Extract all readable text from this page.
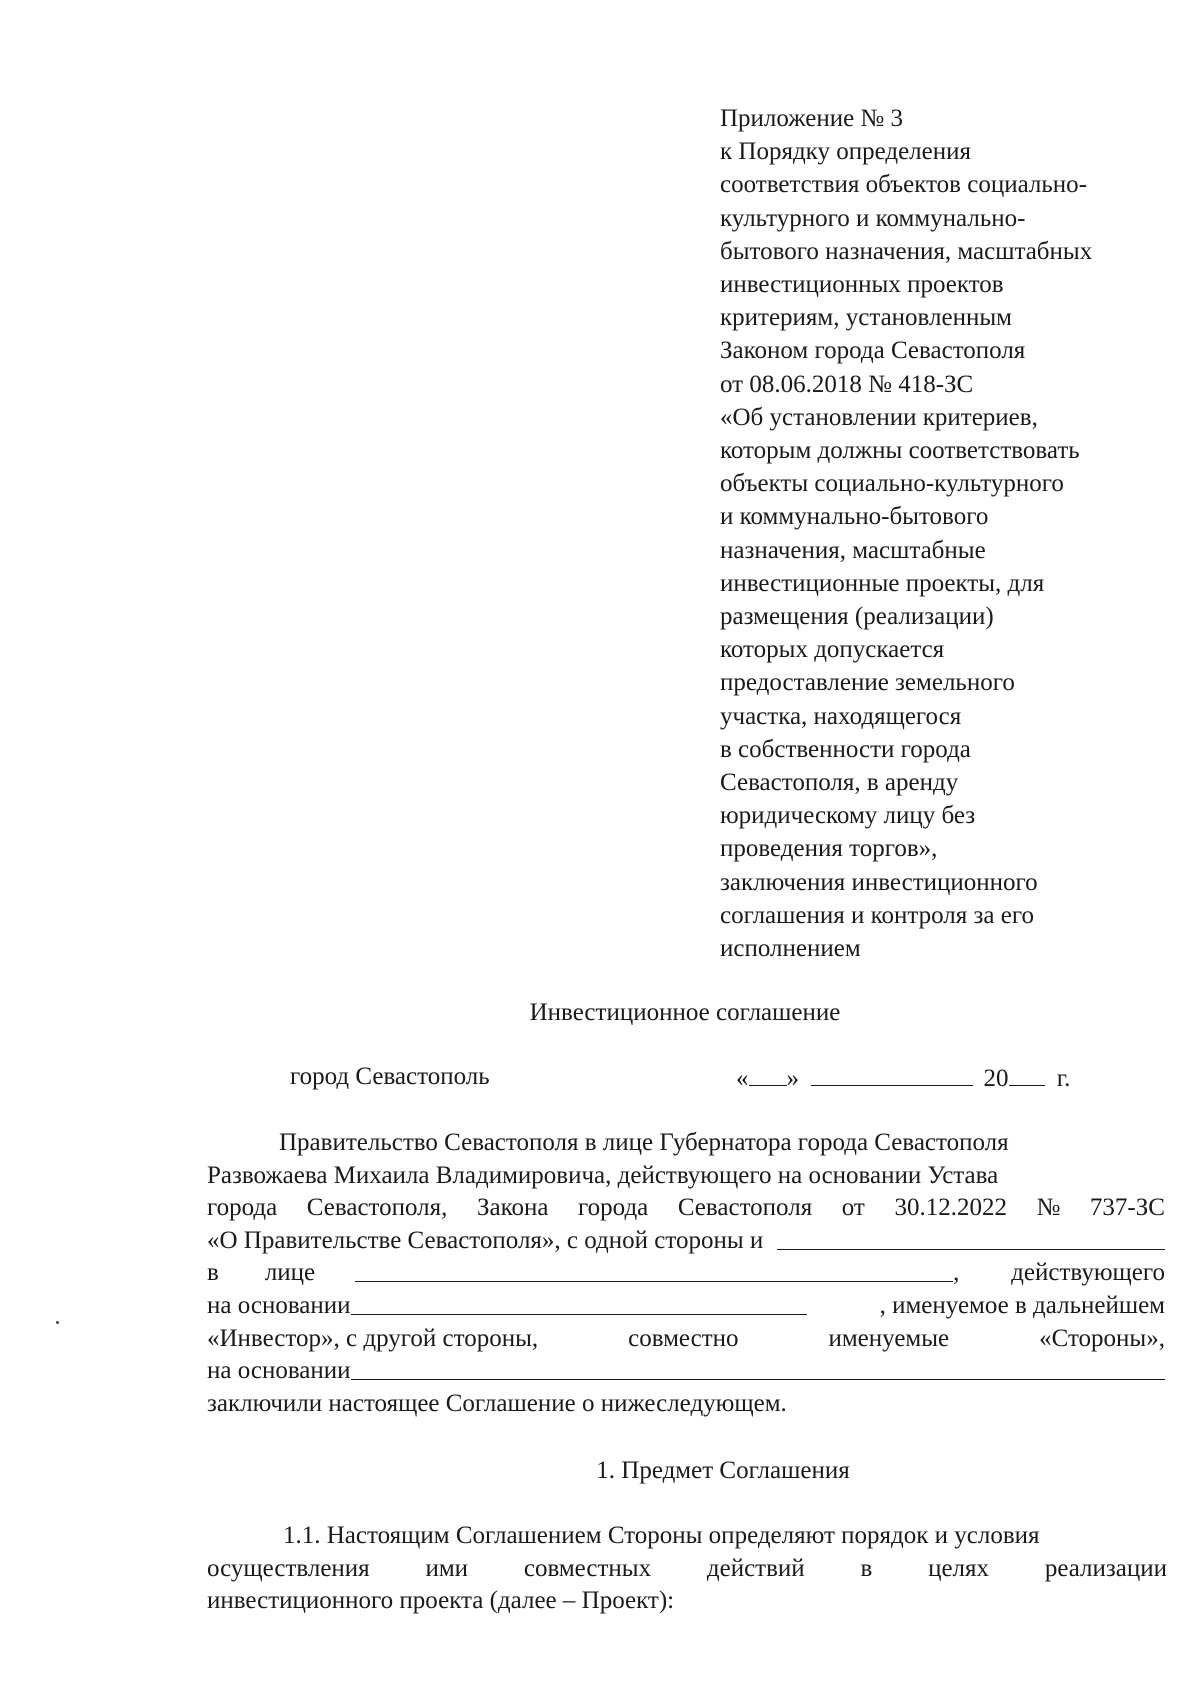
Приложение № 3
к Порядку определения
соответствия объектов социально-
культурного и коммунально-
бытового назначения, масштабных
инвестиционных проектов
критериям, установленным
Законом города Севастополя
от 08.06.2018 № 418-ЗС
«Об установлении критериев,
которым должны соответствовать
объекты социально-культурного
и коммунально-бытового
назначения, масштабные
инвестиционные проекты, для
размещения (реализации)
которых допускается
предоставление земельного
участка, находящегося
в собственности города
Севастополя, в аренду
юридическому лицу без
проведения торгов»,
заключения инвестиционного
соглашения и контроля за его
исполнением
Инвестиционное соглашение
город Севастополь	« »	20 г.
Правительство Севастополя в лице Губернатора города Севастополя
Развожаева Михаила Владимировича, действующего на основании Устава
города Севастополя, Закона города Севастополя от 30.12.2022 № 737-ЗС
«О Правительстве Севастополя», с одной стороны и
в лице	, действующего
на основании	, именуемое в дальнейшем
«Инвестор», с другой стороны,	совместно	именуемые	«Стороны»,
на основании
заключили настоящее Соглашение о нижеследующем.
1. Предмет Соглашения
1.1. Настоящим Соглашением Стороны определяют порядок и условия
осуществления ими совместных действий в целях реализации
инвестиционного проекта (далее – Проект):
